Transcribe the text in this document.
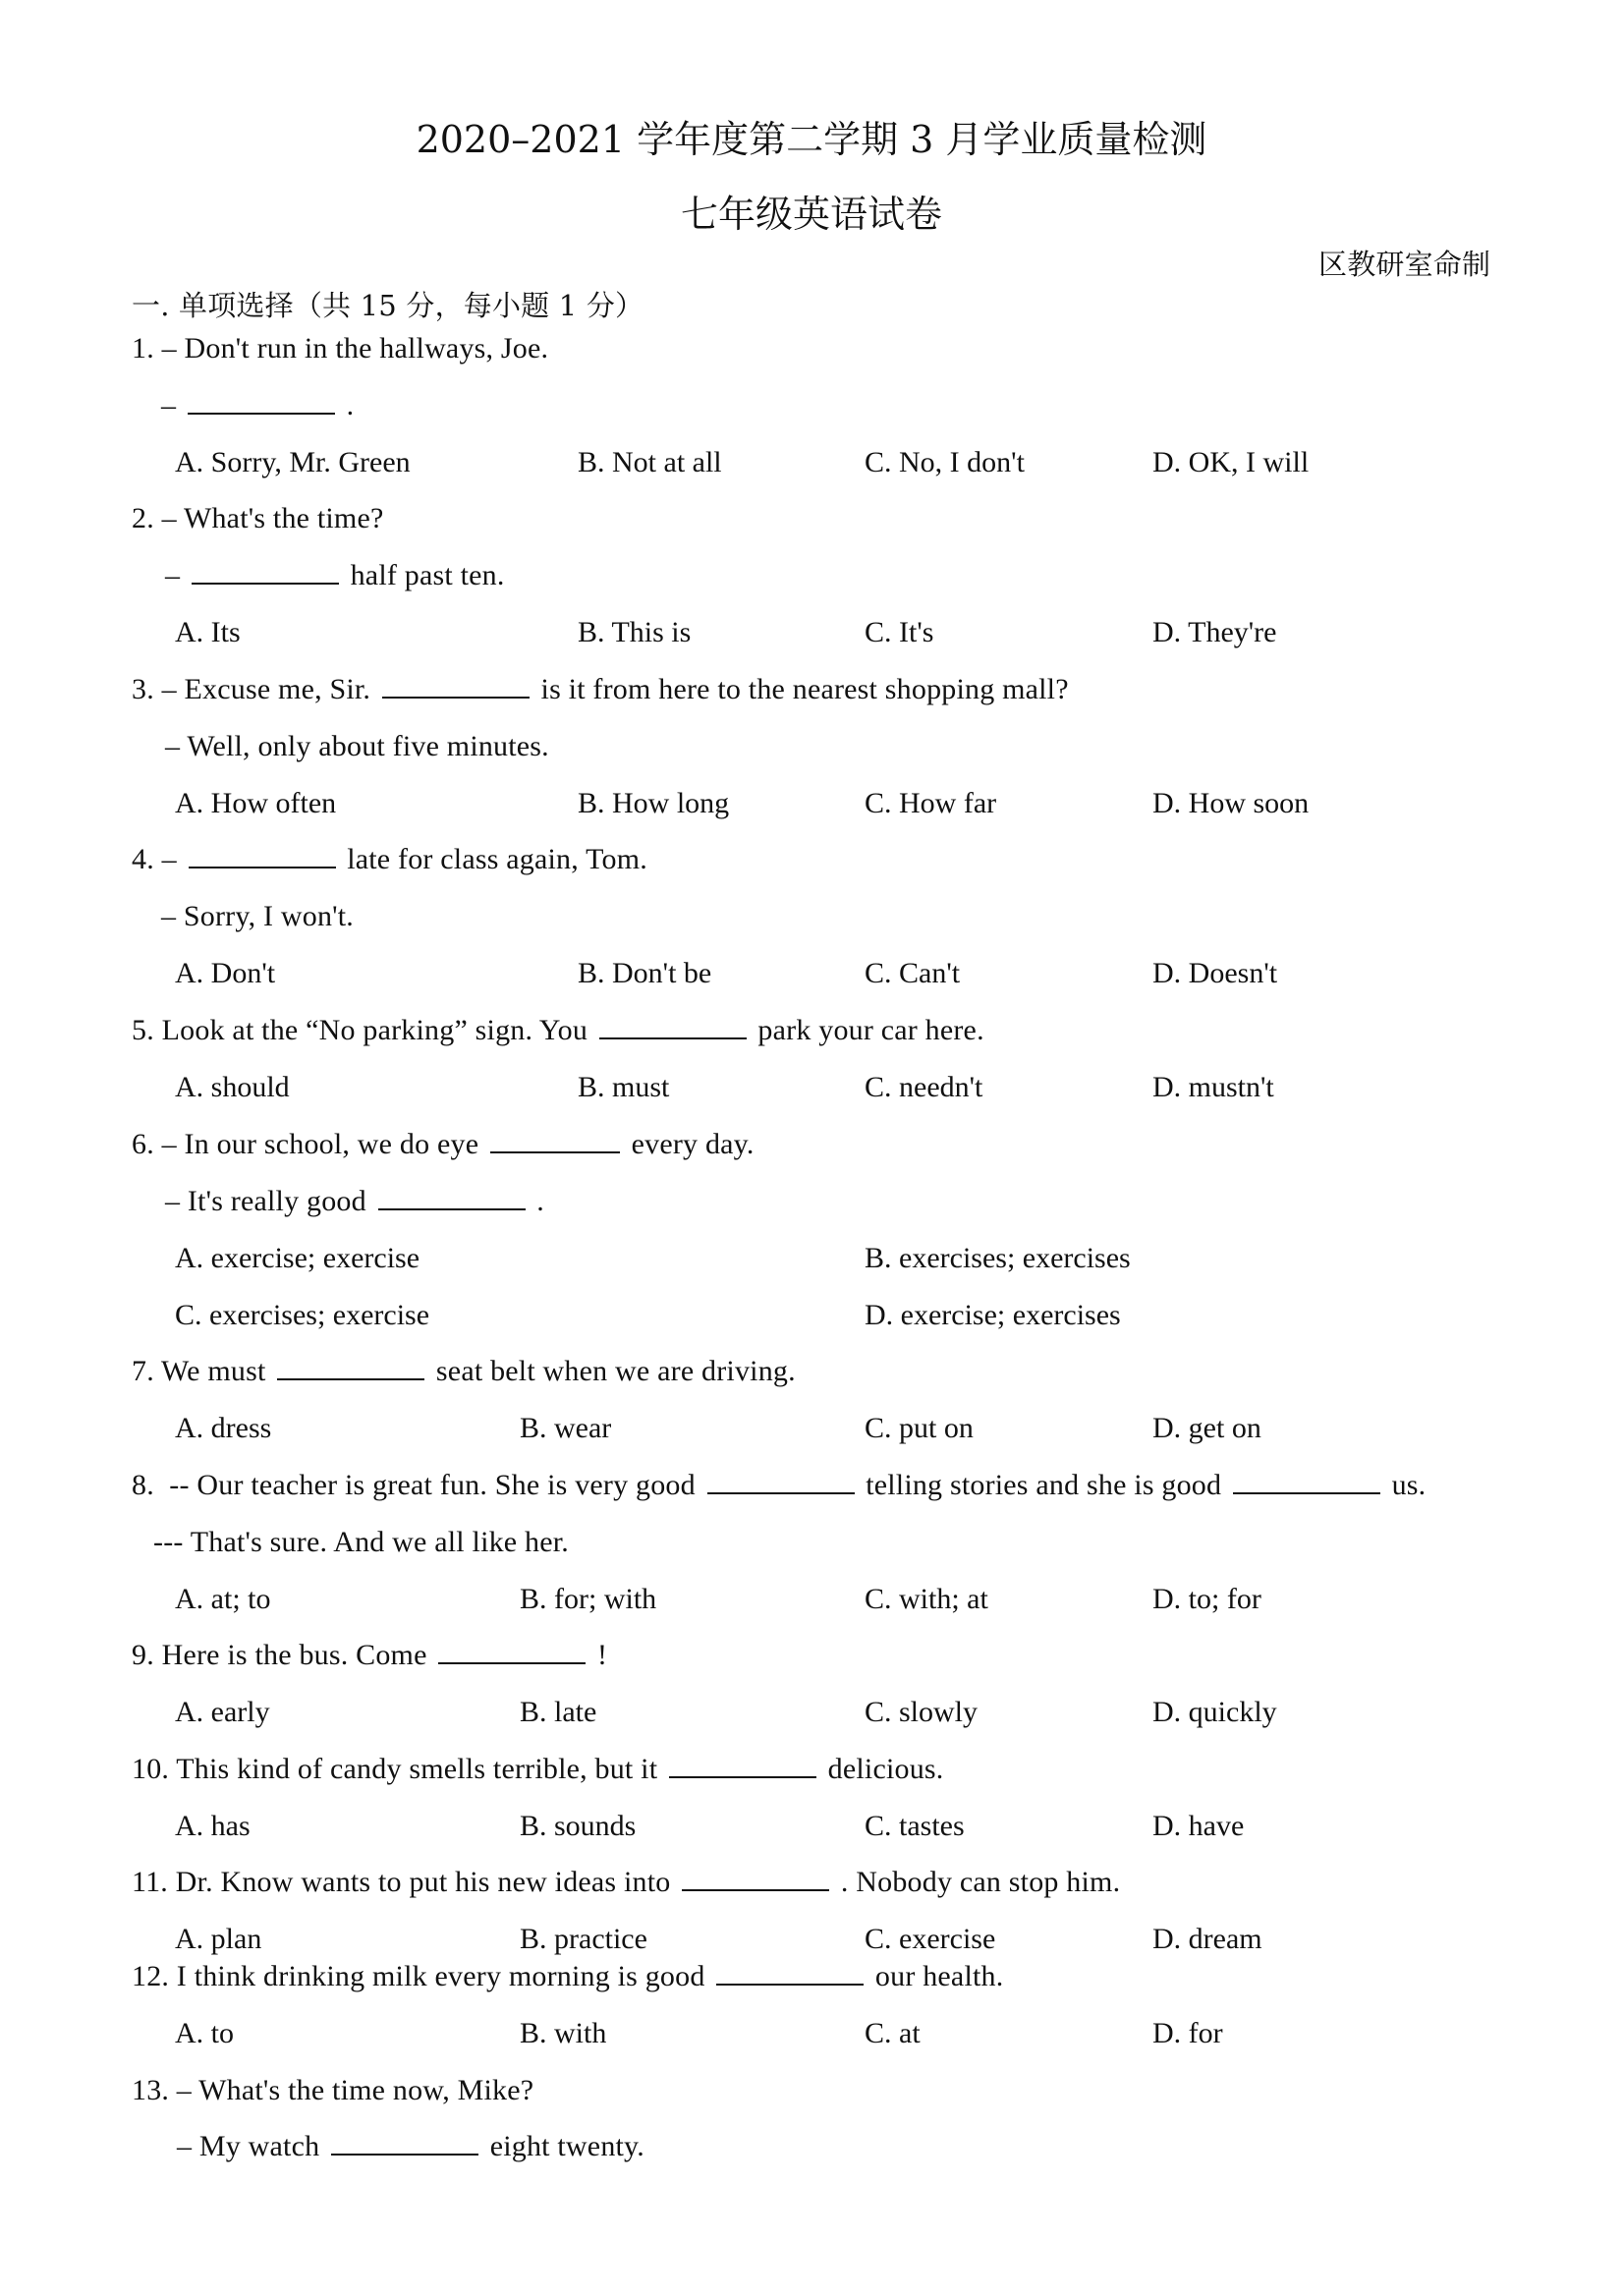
2020–2021 学年度第二学期 3 月学业质量检测
七年级英语试卷
区教研室命制
一. 单项选择（共 15 分，每小题 1 分）
1. – Don't run in the hallways, Joe.
–	.
A. Sorry, Mr. Green	B. Not at all	C. No, I don't	D. OK, I will
2. – What's the time?
–	half past ten.
A. Its	B. This is	C. It's	D. They're
3. – Excuse me, Sir.	is it from here to the nearest shopping mall?
– Well, only about five minutes.
A. How often	B. How long	C. How far	D. How soon
4. –	late for class again, Tom.
– Sorry, I won't.
A. Don't	B. Don't be	C. Can't	D. Doesn't
5. Look at the “No parking” sign. You	park your car here.
A. should	B. must	C. needn't	D. mustn't
6. – In our school, we do eye	every day.
– It's really good	.
A. exercise; exercise	B. exercises; exercises
C. exercises; exercise	D. exercise; exercises
7. We must	seat belt when we are driving.
A. dress	B. wear	C. put on	D. get on
8.  -- Our teacher is great fun. She is very good	telling stories and she is good	us.
--- That's sure. And we all like her.
A. at; to	B. for; with	C. with; at	D. to; for
9. Here is the bus. Come	!
A. early	B. late	C. slowly	D. quickly
10. This kind of candy smells terrible, but it	delicious.
A. has	B. sounds	C. tastes	D. have
11. Dr. Know wants to put his new ideas into	. Nobody can stop him.
A. plan	B. practice	C. exercise	D. dream
12. I think drinking milk every morning is good	our health.
A. to	B. with	C. at	D. for
13. – What's the time now, Mike?
– My watch	eight twenty.
